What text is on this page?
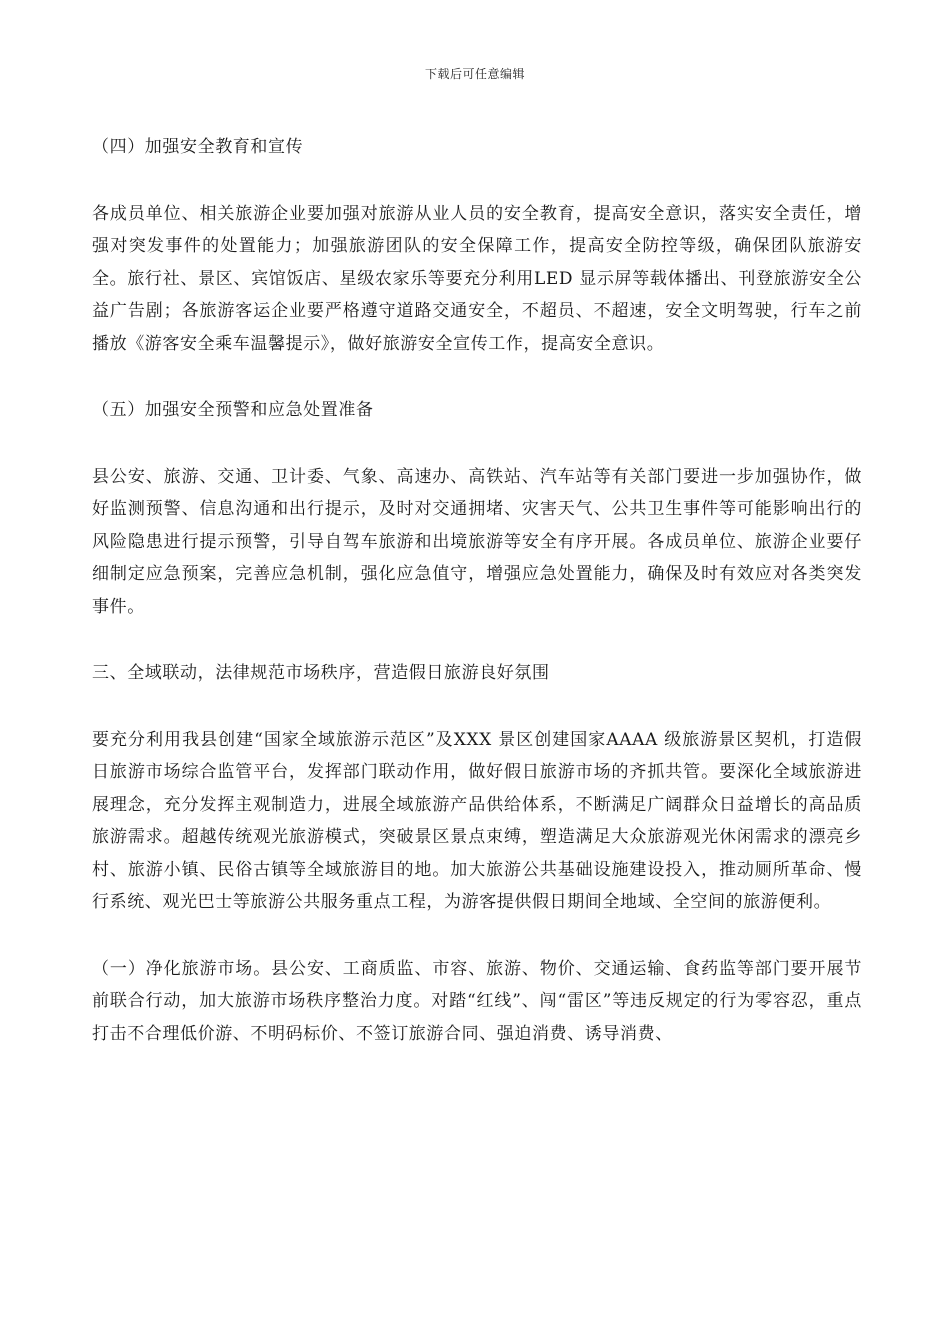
下载后可任意编辑

（四）加强安全教育和宣传

各成员单位、相关旅游企业要加强对旅游从业人员的安全教育，提高安全意识，落实安全责任，增强对突发事件的处置能力；加强旅游团队的安全保障工作，提高安全防控等级，确保团队旅游安全。旅行社、景区、宾馆饭店、星级农家乐等要充分利用LED 显示屏等载体播出、刊登旅游安全公益广告剧；各旅游客运企业要严格遵守道路交通安全，不超员、不超速，安全文明驾驶，行车之前播放《游客安全乘车温馨提示》，做好旅游安全宣传工作，提高安全意识。

（五）加强安全预警和应急处置准备

县公安、旅游、交通、卫计委、气象、高速办、高铁站、汽车站等有关部门要进一步加强协作，做好监测预警、信息沟通和出行提示，及时对交通拥堵、灾害天气、公共卫生事件等可能影响出行的风险隐患进行提示预警，引导自驾车旅游和出境旅游等安全有序开展。各成员单位、旅游企业要仔细制定应急预案，完善应急机制，强化应急值守，增强应急处置能力，确保及时有效应对各类突发事件。

三、全域联动，法律规范市场秩序，营造假日旅游良好氛围

要充分利用我县创建“国家全域旅游示范区”及XXX 景区创建国家AAAA 级旅游景区契机，打造假日旅游市场综合监管平台，发挥部门联动作用，做好假日旅游市场的齐抓共管。要深化全域旅游进展理念，充分发挥主观制造力，进展全域旅游产品供给体系，不断满足广阔群众日益增长的高品质旅游需求。超越传统观光旅游模式，突破景区景点束缚，塑造满足大众旅游观光休闲需求的漂亮乡村、旅游小镇、民俗古镇等全域旅游目的地。加大旅游公共基础设施建设投入，推动厕所革命、慢行系统、观光巴士等旅游公共服务重点工程，为游客提供假日期间全地域、全空间的旅游便利。

（一）净化旅游市场。县公安、工商质监、市容、旅游、物价、交通运输、食药监等部门要开展节前联合行动，加大旅游市场秩序整治力度。对踏“红线”、闯“雷区”等违反规定的行为零容忍，重点打击不合理低价游、不明码标价、不签订旅游合同、强迫消费、诱导消费、
